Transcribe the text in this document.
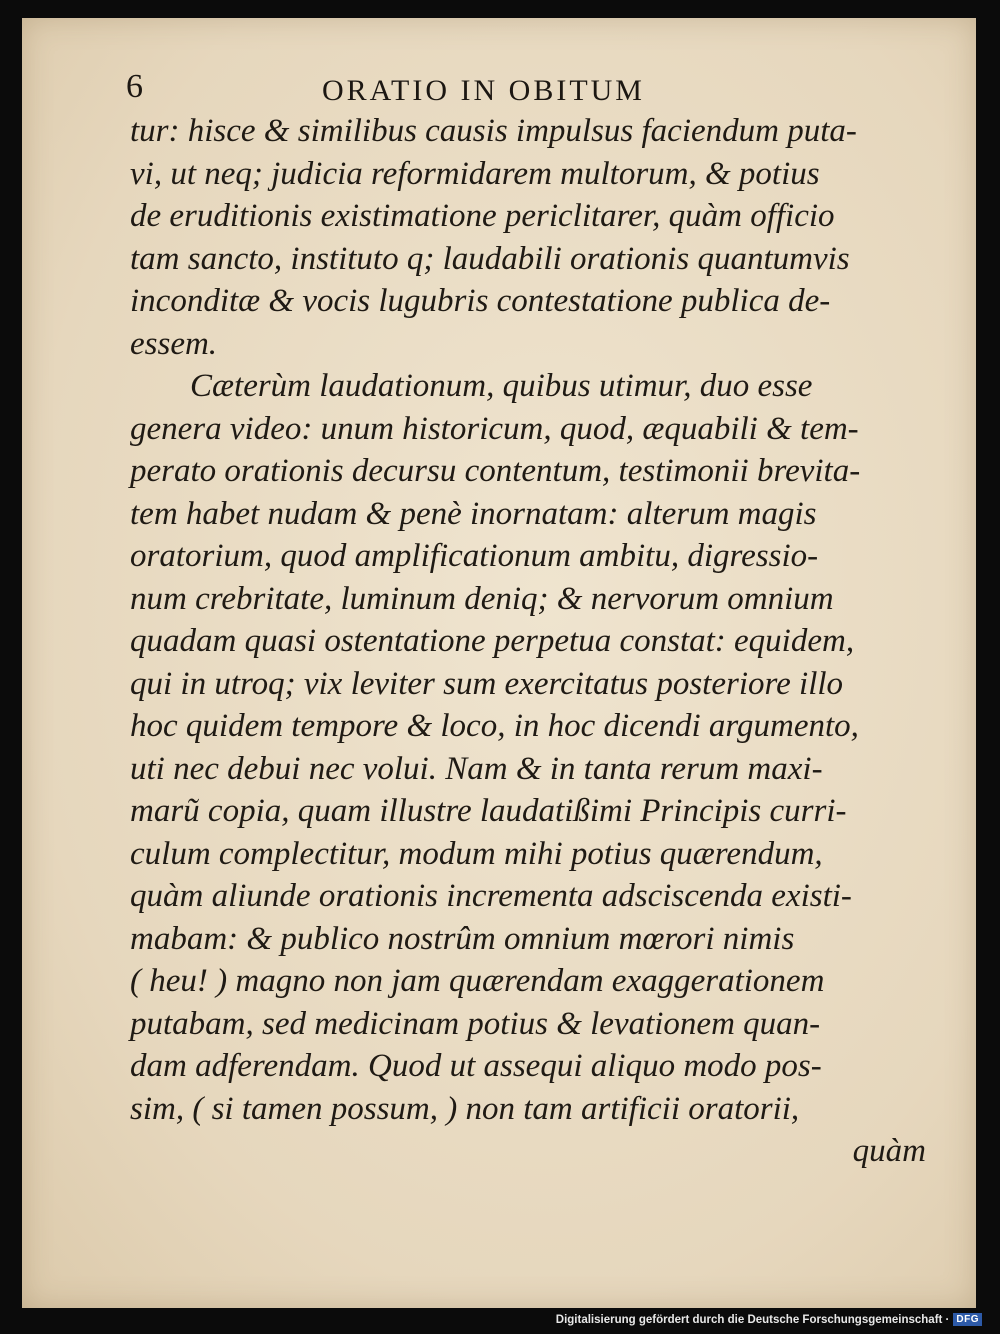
6	ORATIO IN OBITUM
tur: hisce & similibus causis impulsus faciendum puta-
vi, ut neq; judicia reformidarem multorum, & potius
de eruditionis existimatione periclitarer, quàm officio
tam sancto, instituto q; laudabili orationis quantumvis
inconditæ & vocis lugubris contestatione publica de-
essem.
Cæterùm laudationum, quibus utimur, duo esse
genera video: unum historicum, quod, æquabili & tem-
perato orationis decursu contentum, testimonii brevita-
tem habet nudam & penè inornatam: alterum magis
oratorium, quod amplificationum ambitu, digressio-
num crebritate, luminum deniq; & nervorum omnium
quadam quasi ostentatione perpetua constat: equidem,
qui in utroq; vix leviter sum exercitatus posteriore illo
hoc quidem tempore & loco, in hoc dicendi argumento,
uti nec debui nec volui. Nam & in tanta rerum maxi-
marũ copia, quam illustre laudatißimi Principis curri-
culum complectitur, modum mihi potius quærendum,
quàm aliunde orationis incrementa adsciscenda existi-
mabam: & publico nostrûm omnium mœrori nimis
( heu! ) magno non jam quærendam exaggerationem
putabam, sed medicinam potius & levationem quan-
dam adferendam. Quod ut assequi aliquo modo pos-
sim, ( si tamen possum, ) non tam artificii oratorii,
quàm
Digitalisierung gefördert durch die Deutsche Forschungsgemeinschaft · DFG
